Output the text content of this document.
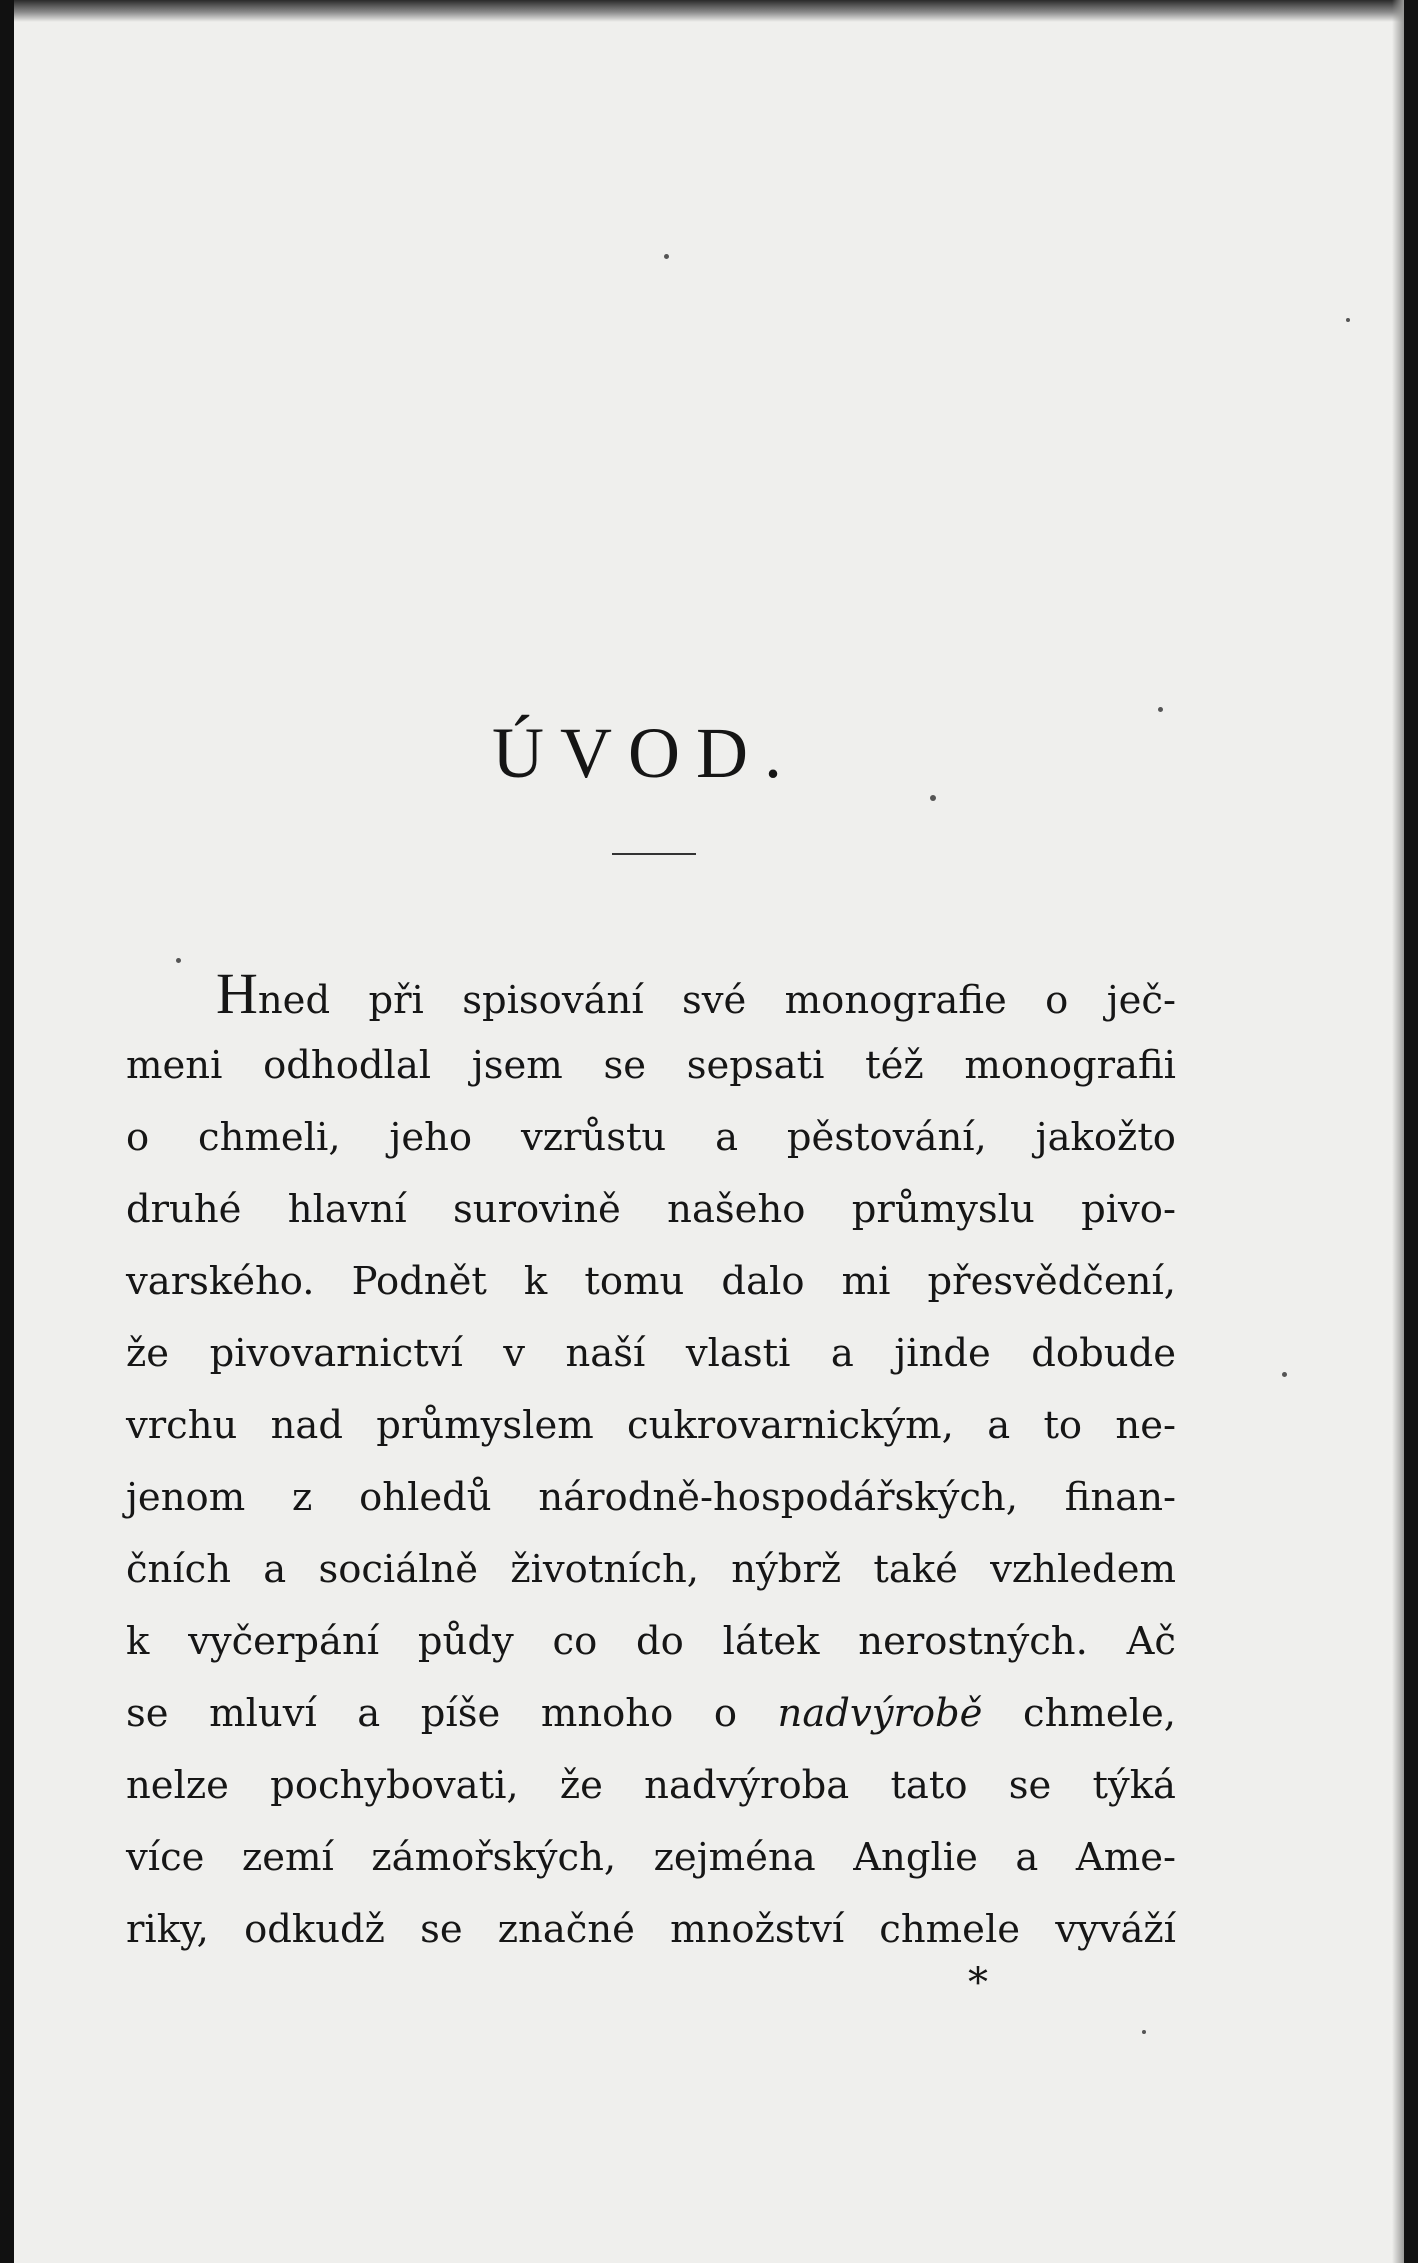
ÚVOD.
Hned při spisování své monografie o ječ-
meni odhodlal jsem se sepsati též monografii
o chmeli, jeho vzrůstu a pěstování, jakožto
druhé hlavní surovině našeho průmyslu pivo-
varského. Podnět k tomu dalo mi přesvědčení,
že pivovarnictví v naší vlasti a jinde dobude
vrchu nad průmyslem cukrovarnickým, a to ne-
jenom z ohledů národně-hospodářských, finan-
čních a sociálně životních, nýbrž také vzhledem
k vyčerpání půdy co do látek nerostných. Ač
se mluví a píše mnoho o nadvýrobě chmele,
nelze pochybovati, že nadvýroba tato se týká
více zemí zámořských, zejména Anglie a Ame-
riky, odkudž se značné množství chmele vyváží
*
